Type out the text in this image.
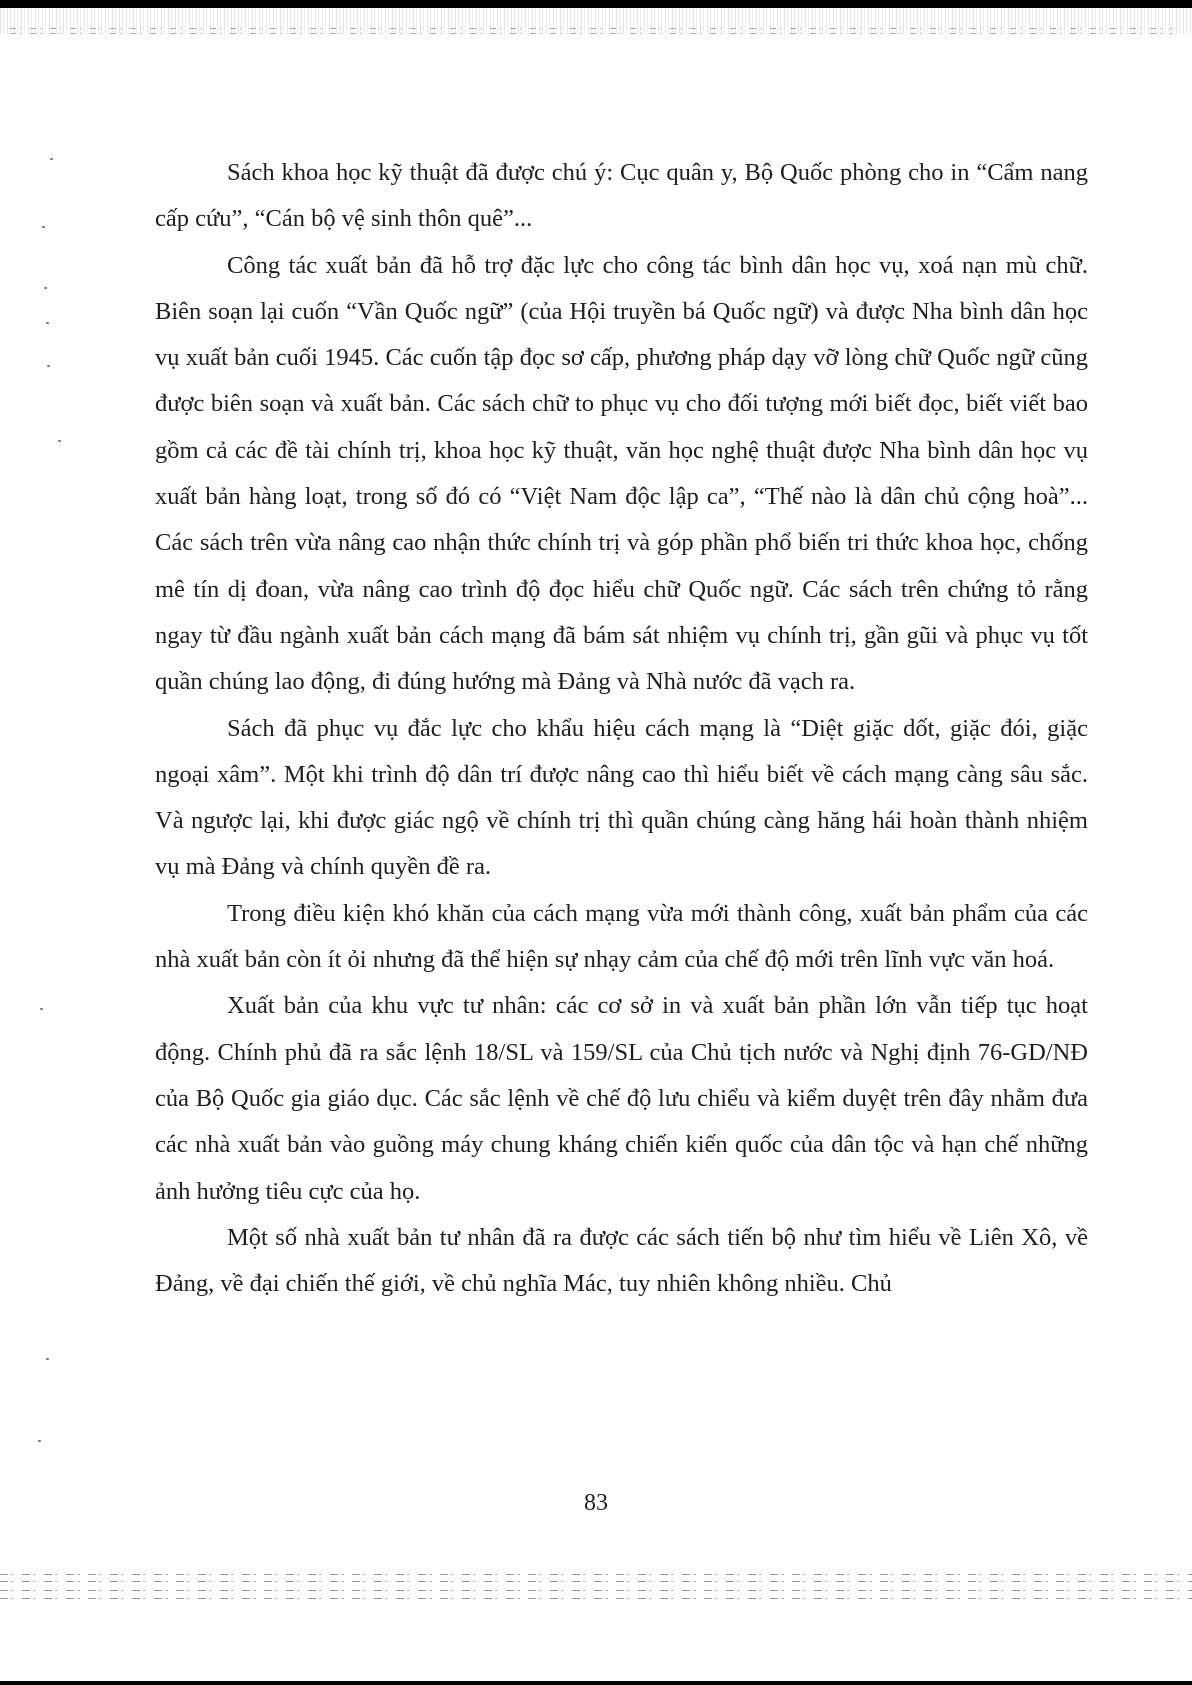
Sách khoa học kỹ thuật đã được chú ý: Cục quân y, Bộ Quốc phòng cho in “Cẩm nang cấp cứu”, “Cán bộ vệ sinh thôn quê”...

Công tác xuất bản đã hỗ trợ đặc lực cho công tác bình dân học vụ, xoá nạn mù chữ. Biên soạn lại cuốn “Vần Quốc ngữ” (của Hội truyền bá Quốc ngữ) và được Nha bình dân học vụ xuất bản cuối 1945. Các cuốn tập đọc sơ cấp, phương pháp dạy vỡ lòng chữ Quốc ngữ cũng được biên soạn và xuất bản. Các sách chữ to phục vụ cho đối tượng mới biết đọc, biết viết bao gồm cả các đề tài chính trị, khoa học kỹ thuật, văn học nghệ thuật được Nha bình dân học vụ xuất bản hàng loạt, trong số đó có “Việt Nam độc lập ca”, “Thế nào là dân chủ cộng hoà”... Các sách trên vừa nâng cao nhận thức chính trị và góp phần phổ biến tri thức khoa học, chống mê tín dị đoan, vừa nâng cao trình độ đọc hiểu chữ Quốc ngữ. Các sách trên chứng tỏ rằng ngay từ đầu ngành xuất bản cách mạng đã bám sát nhiệm vụ chính trị, gần gũi và phục vụ tốt quần chúng lao động, đi đúng hướng mà Đảng và Nhà nước đã vạch ra.

Sách đã phục vụ đắc lực cho khẩu hiệu cách mạng là “Diệt giặc dốt, giặc đói, giặc ngoại xâm”. Một khi trình độ dân trí được nâng cao thì hiểu biết về cách mạng càng sâu sắc. Và ngược lại, khi được giác ngộ về chính trị thì quần chúng càng hăng hái hoàn thành nhiệm vụ mà Đảng và chính quyền đề ra.

Trong điều kiện khó khăn của cách mạng vừa mới thành công, xuất bản phẩm của các nhà xuất bản còn ít ỏi nhưng đã thể hiện sự nhạy cảm của chế độ mới trên lĩnh vực văn hoá.

Xuất bản của khu vực tư nhân: các cơ sở in và xuất bản phần lớn vẫn tiếp tục hoạt động. Chính phủ đã ra sắc lệnh 18/SL và 159/SL của Chủ tịch nước và Nghị định 76-GD/NĐ của Bộ Quốc gia giáo dục. Các sắc lệnh về chế độ lưu chiểu và kiểm duyệt trên đây nhằm đưa các nhà xuất bản vào guồng máy chung kháng chiến kiến quốc của dân tộc và hạn chế những ảnh hưởng tiêu cực của họ.

Một số nhà xuất bản tư nhân đã ra được các sách tiến bộ như tìm hiểu về Liên Xô, về Đảng, về đại chiến thế giới, về chủ nghĩa Mác, tuy nhiên không nhiều. Chủ

83
